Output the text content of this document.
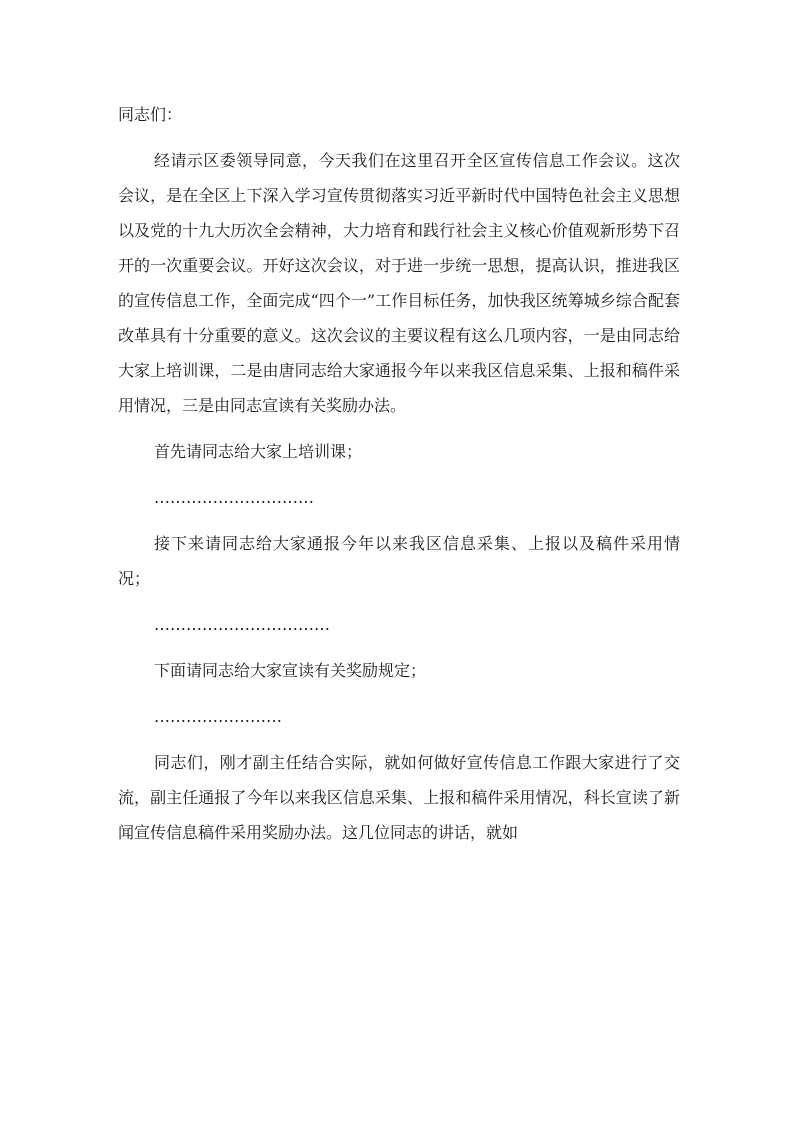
同志们：

经请示区委领导同意，今天我们在这里召开全区宣传信息工作会议。这次会议，是在全区上下深入学习宣传贯彻落实习近平新时代中国特色社会主义思想以及党的十九大历次全会精神，大力培育和践行社会主义核心价值观新形势下召开的一次重要会议。开好这次会议，对于进一步统一思想，提高认识，推进我区的宣传信息工作，全面完成“四个一”工作目标任务，加快我区统筹城乡综合配套改革具有十分重要的意义。这次会议的主要议程有这么几项内容，一是由同志给大家上培训课，二是由唐同志给大家通报今年以来我区信息采集、上报和稿件采用情况，三是由同志宣读有关奖励办法。

首先请同志给大家上培训课；

…………………………

接下来请同志给大家通报今年以来我区信息采集、上报以及稿件采用情况；

……………………………

下面请同志给大家宣读有关奖励规定；

……………………

同志们，刚才副主任结合实际，就如何做好宣传信息工作跟大家进行了交流，副主任通报了今年以来我区信息采集、上报和稿件采用情况，科长宣读了新闻宣传信息稿件采用奖励办法。这几位同志的讲话，就如
